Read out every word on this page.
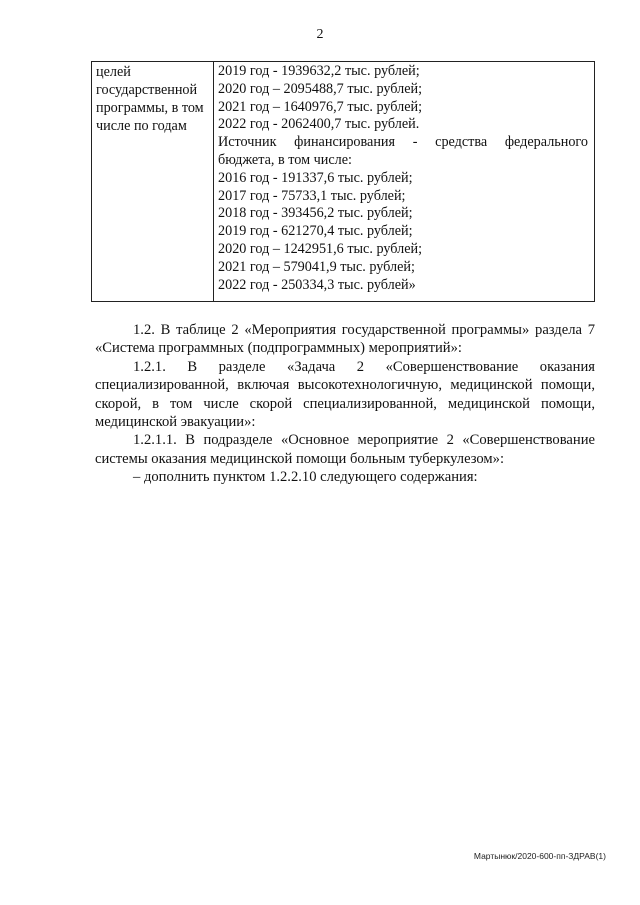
2
целей
государственной
программы, в том
числе по годам
2019 год - 1939632,2 тыс. рублей;
2020 год – 2095488,7 тыс. рублей;
2021 год – 1640976,7 тыс. рублей;
2022 год - 2062400,7 тыс. рублей.
Источник финансирования - средства федерального
бюджета, в том числе:
2016 год - 191337,6 тыс. рублей;
2017 год - 75733,1 тыс. рублей;
2018 год - 393456,2 тыс. рублей;
2019 год - 621270,4 тыс. рублей;
2020 год – 1242951,6 тыс. рублей;
2021 год – 579041,9 тыс. рублей;
2022 год - 250334,3 тыс. рублей»

1.2. В таблице 2 «Мероприятия государственной программы» раздела 7 «Система программных (подпрограммных) мероприятий»:

1.2.1. В разделе «Задача 2 «Совершенствование оказания специализированной, включая высокотехнологичную, медицинской помощи, скорой, в том числе скорой специализированной, медицинской помощи, медицинской эвакуации»:

1.2.1.1. В подразделе «Основное мероприятие 2 «Совершенствование системы оказания медицинской помощи больным туберкулезом»:

– дополнить пунктом 1.2.2.10 следующего содержания:

Мартынюк/2020-600-пп-ЗДРАВ(1)
